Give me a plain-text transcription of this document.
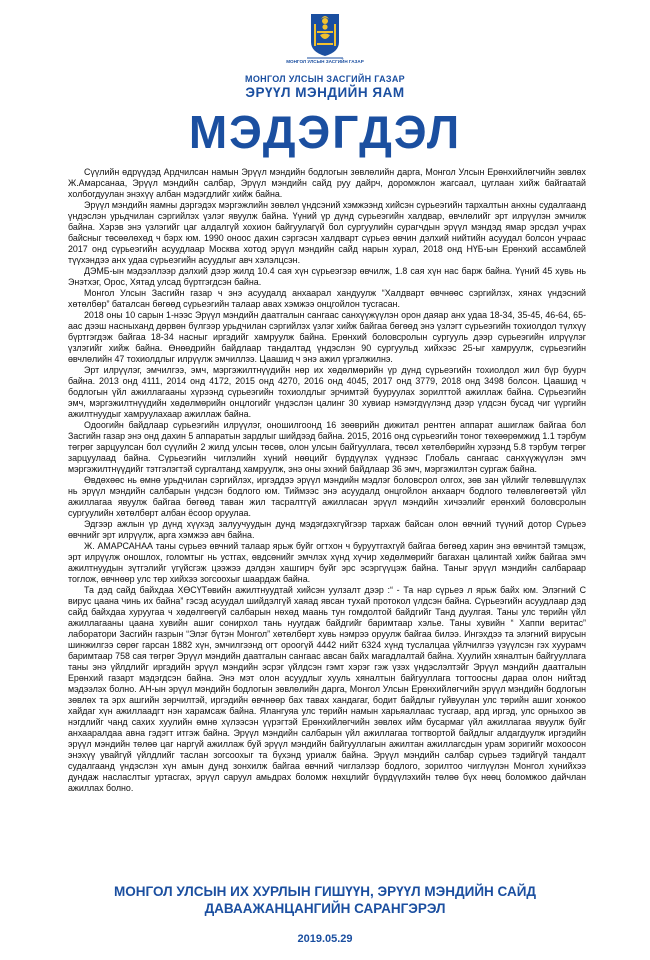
МОНГОЛ УЛСЫН ЗАСГИЙН ГАЗАР
МОНГОЛ УЛСЫН ЗАСГИЙН ГАЗАР
ЭРҮҮЛ МЭНДИЙН ЯАМ
МЭДЭГДЭЛ

Сүүлийн өдрүүдэд Ардчилсан намын Эрүүл мэндийн бодлогын зөвлөлийн дарга, Монгол Улсын Ерөнхийлөгчийн зөвлөх Ж.Амарсанаа, Эрүүл мэндийн салбар, Эрүүл мэндийн сайд руу дайрч, доромжлон жагсаал, цуглаан хийж байгаатай холбогдуулан энэхүү албан мэдэгдлийг хийж байна.

Эрүүл мэндийн яамны дэргэдэх мэргэжлийн зөвлөл үндсэний хэмжээнд хийсэн сүрьеэгийн тархалтын анхны судалгаанд үндэслэн урьдчилан сэргийлэх үзлэг явуулж байна. Үүний үр дүнд сүрьеэгийн халдвар, өвчлөлийг эрт илрүүлэн эмчилж байна. Хэрэв энэ үзлэгийг цаг алдалгүй хохион байгуулагүй бол сургуулийн сурагчдын эрүүл мэндэд ямар эрсдэл учрах байсныг төсөөлөхөд ч бэрх юм. 1990 оноос дахин сэргэсэн халдварт сүрьеэ өвчин дэлхий нийтийн асуудал болсон учраас 2017 онд сүрьеэгийн асуудлаар Москва хотод эрүүл мэндийн сайд нарын хурал, 2018 онд НҮБ-ын Ерөнхий ассамблей түүхэндээ анх удаа сүрьеэгийн асуудлыг авч хэлэлцсэн.

ДЭМБ-ын мэдээллээр дэлхий дээр жилд 10.4 сая хүн сүрьеэгээр өвчилж, 1.8 сая хүн нас барж байна. Үүний 45 хувь нь Энэтхэг, Орос, Хятад улсад бүртгэгдсэн байна.

Монгол Улсын Засгийн газар ч энэ асуудалд анхаарал хандуулж “Халдварт өвчнөөс сэргийлэх, хянах үндэсний хөтөлбөр” баталсан бөгөөд сүрьеэгийн талаар авах хэмжээ онцгойлон тусгасан.

2018 оны 10 сарын 1-нээс Эрүүл мэндийн даатгалын сангаас санхүүжүүлэн орон даяар анх удаа 18-34, 35-45, 46-64, 65-аас дээш насныханд дөрвөн бүлгээр урьдчилан сэргийлэх үзлэг хийж байгаа бөгөөд энэ үзлэгт сүрьеэгийн тохиолдол түлхүү бүртгэгдэж байгаа 18-34 насныг иргэдийг хамруулж байна. Ерөнхий боловсролын сургууль дээр сүрьеэгийн илрүүлэг үзлэгийг хийж байна. Өнөөдрийн байдлаар тандалтад үндэслэн 90 сургуульд хийхээс 25-ыг хамруулж, сүрьеэгийн өвчлөлийн 47 тохиолдлыг илрүүлж эмчиллээ. Цаашид ч энэ ажил үргэлжилнэ.

Эрт илрүүлэг, эмчилгээ, эмч, мэргэжилтнүүдийн нөр их хөдөлмөрийн үр дүнд сүрьеэгийн тохиолдол жил бүр буурч байна. 2013 онд 4111, 2014 онд 4172, 2015 онд 4270, 2016 онд 4045, 2017 онд 3779, 2018 онд 3498 болсон. Цаашид ч бодлогын үйл ажиллагааны хүрээнд сүрьеэгийн тохиолдлыг эрчимтэй бууруулах зорилттой ажиллаж байна. Сүрьеэгийн эмч, мэргэжилтнүүдийн хөдөлмөрийн онцлогийг үндэслэн цалинг 30 хувиар нэмэгдүүлэнд дээр үлдсэн бусад чиг үүргийн ажилтнуудыг хамруулахаар ажиллаж байна.

Одоогийн байдлаар сүрьеэгийн илрүүлэг, оношилгоонд 16 зөөврийн дижитал рентген аппарат ашиглаж байгаа бол Засгийн газар энэ онд дахин 5 аппаратын зардлыг шийдээд байна. 2015, 2016 онд сүрьеэгийн тоног төхөөрөмжид 1.1 тэрбум төгрөг зарцуулсан бол сүүлийн 2 жилд улсын төсөв, олон улсын байгууллага, төсөл хөтөлбөрийн хүрээнд 5.8 тэрбум төгрөг зарцуулаад байна. Сүрьеэгийн чиглэлийн хүний нөөцийг бүрдүүлэх үүднээс Глобаль сангаас санхүүжүүлэн эмч мэргэжилтнүүдийг тэтгэлэгтэй сургалтанд хамруулж, энэ оны эхний байдлаар 36 эмч, мэргэжилтэн сургаж байна.

Өвдөхөөс нь өмнө урьдчилан сэргийлэх, иргэддээ эрүүл мэндийн мэдлэг боловсрол олгох, зөв зан үйлийг төлөвшүүлэх нь эрүүл мэндийн салбарын үндсэн бодлого юм. Тиймээс энэ асуудалд онцгойлон анхаарч бодлого төлөвлөгөөтэй үйл ажиллагаа явуулж байгаа бөгөөд таван жил тасралтгүй ажилласан эрүүл мэндийн хичээлийг ерөнхий боловсролын сургуулийн хөтөлбөрт албан ёсоор оруулаа.

Эдгээр ажлын үр дүнд хүүхэд залуучуудын дунд мэдэгдэхгүйгээр тархаж байсан олон өвчний түүний дотор Сүрьеэ өвчнийг эрт илрүүлж, арга хэмжээ авч байна.

Ж. АМАРСАНАА таны сүрьеэ өвчний талаар ярьж буйг огтхон ч буруутгахгүй байгаа бөгөөд харин энэ өвчинтэй тэмцэж, эрт илрүүлж оношлох, голомтыг нь устгах, өвдсөнийг эмчлэх хүнд хүчир хөдөлмөрийг багахан цалинтай хийж байгаа эмч ажилтнуудын зүтгэлийг үгүйсгэж цээжээ дэлдэн хашгирч буйг эрс эсэргүүцэж байна. Таныг эрүүл мэндийн салбараар тоглож, өвчнөөр улс төр хийхээ зогсоохыг шаардаж байна.

Та дэд сайд байхдаа ХӨСҮТөвийн ажилтнуудтай хийсэн уулзалт дээр :“ - Та нар сүрьеэ л ярьж байх юм. Элэгний С вирус цаана чинь их байна” гэсэд асуудал шийдэлгүй хаяад явсан тухай протокол үлдсэн байна. Сүрьеэгийн асуудлаар дэд сайд байхдаа хуруугаа ч хөдөлгөөгүй салбарын нөхөд маань тун гомдолтой байдгийг Танд дуулгая. Таны улс төрийн үйл ажиллагааны цаана хувийн ашиг сонирхол тань нуугдаж байдгийг баримтаар хэлье. Таны хувийн “ Хаппи веритас” лаборатори Засгийн газрын “Элэг бүтэн Монгол” хөтөлбөрт хувь нэмрээ оруулж байгаа билээ. Ингэхдээ та элэгний вирусын шинжилгээ сөрөг гарсан 1882 хүн, эмчилгээнд огт ороогүй 4442 нийт 6324 хүнд туслалцаа үйлчилгээ үзүүлсэн гэх хуурамч баримтаар 758 сая төгрөг Эрүүл мэндийн даатгалын сангаас авсан байх магадлалтай байна. Хуулийн хяналтын байгууллага таны энэ үйлдлийг иргэдийн эрүүл мэндийн эсрэг үйлдсэн гэмт хэрэг гэж үзэх үндэслэлтэйг Эрүүл мэндийн даатгалын Ерөнхий газарт мэдэгдсэн байна. Энэ мэт олон асуудлыг хууль хяналтын байгууллага тогтоосны дараа олон нийтэд мэдээлэх болно. АН-ын эрүүл мэндийн бодлогын зөвлөлийн дарга, Монгол Улсын Ерөнхийлөгчийн эрүүл мэндийн бодлогын зөвлөх та эрх ашгийн зөрчилтэй, иргэдийн өвчнөөр бах тавах хандагаг, бодит байдлыг гуйвуулан улс төрийн ашиг хонжоо хайдаг хүн ажиллаадгт нэн харамсаж байна. Ялангуяа улс төрийн намын харьяаллаас тусгаар, ард иргэд, улс орныхоо эв нэгдлийг чанд сахих хуулийн өмнө хүлээсэн үүрэгтэй Ерөнхийлөгчийн зөвлөх ийм бусармаг үйл ажиллагаа явуулж буйг анхааралдаа авна гэдэгт итгэж байна. Эрүүл мэндийн салбарын үйл ажиллагаа тогтвортой байдлыг алдагдуулж иргэдийн эрүүл мэндийн төлөө цаг наргүй ажиллаж буй эрүүл мэндийн байгууллагын ажилтан ажиллагсдын урам зоригийг мохоосон энэхүү увайгүй үйлдлийг таслан зогсоохыг та бүхэнд уриалж байна. Эрүүл мэндийн салбар сүрьеэ тэдийгүй тандалт судалгаанд үндэслэн хүн амын дунд зонхилж байгаа өвчний чиглэлээр бодлого, зорилтоо чиглүүлэн Монгол хүнийхээ дундаж насласлтыг уртасгах, эрүүл саруул амьдрах боломж нөхцлийг бүрдүүлэхийн төлөө бүх нөөц боломжоо дайчлан ажиллах болно.

МОНГОЛ УЛСЫН ИХ ХУРЛЫН ГИШҮҮН, ЭРҮҮЛ МЭНДИЙН САЙД
ДАВААЖАНЦАНГИЙН САРАНГЭРЭЛ
2019.05.29
